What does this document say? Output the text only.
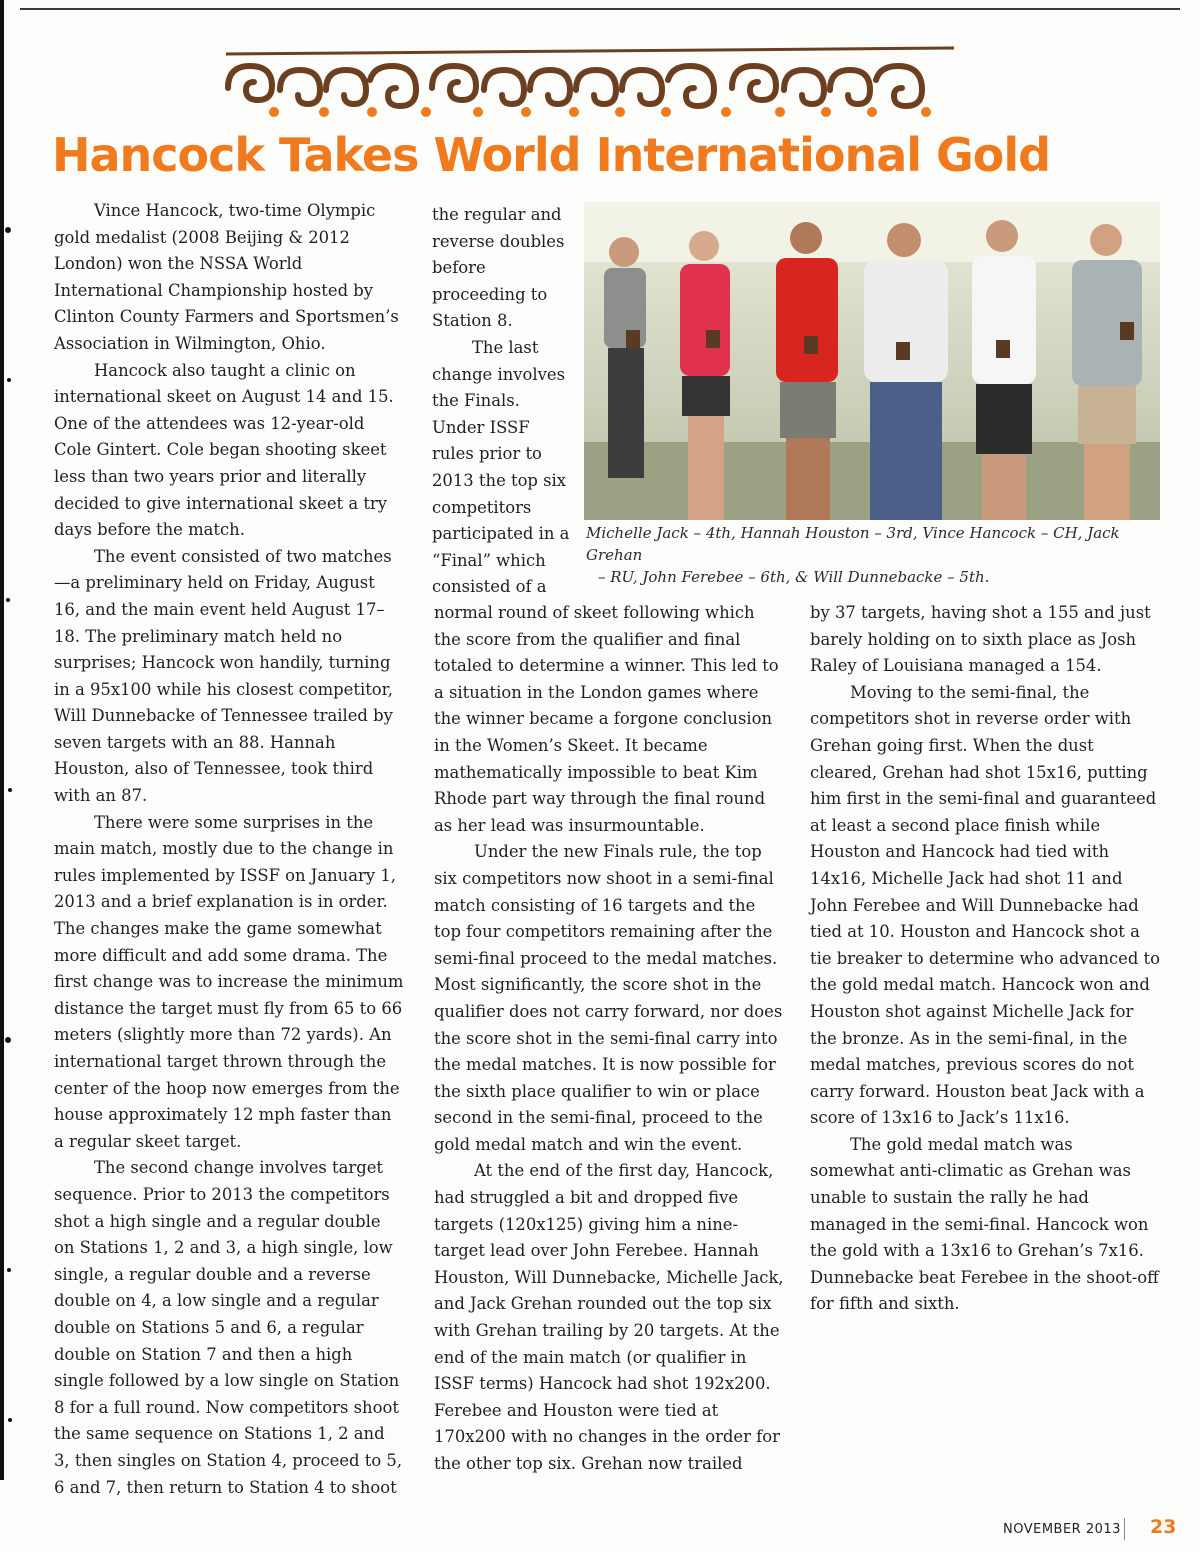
Hancock Takes World International Gold

Vince Hancock, two-time Olympic gold medalist (2008 Beijing & 2012 London) won the NSSA World International Championship hosted by Clinton County Farmers and Sportsmen’s Association in Wilmington, Ohio.

Hancock also taught a clinic on international skeet on August 14 and 15. One of the attendees was 12-year-old Cole Gintert. Cole began shooting skeet less than two years prior and literally decided to give international skeet a try days before the match.

The event consisted of two matches—a preliminary held on Friday, August 16, and the main event held August 17–18. The preliminary match held no surprises; Hancock won handily, turning in a 95x100 while his closest competitor, Will Dunnebacke of Tennessee trailed by seven targets with an 88. Hannah Houston, also of Tennessee, took third with an 87.

There were some surprises in the main match, mostly due to the change in rules implemented by ISSF on January 1, 2013 and a brief explanation is in order. The changes make the game somewhat more difficult and add some drama. The first change was to increase the minimum distance the target must fly from 65 to 66 meters (slightly more than 72 yards). An international target thrown through the center of the hoop now emerges from the house approximately 12 mph faster than a regular skeet target.

The second change involves target sequence. Prior to 2013 the competitors shot a high single and a regular double on Stations 1, 2 and 3, a high single, low single, a regular double and a reverse double on 4, a low single and a regular double on Stations 5 and 6, a regular double on Station 7 and then a high single followed by a low single on Station 8 for a full round. Now competitors shoot the same sequence on Stations 1, 2 and 3, then singles on Station 4, proceed to 5, 6 and 7, then return to Station 4 to shoot

the regular and reverse doubles before proceeding to Station 8.

The last change involves the Finals. Under ISSF rules prior to 2013 the top six competitors participated in a “Final” which consisted of a

Michelle Jack – 4th, Hannah Houston – 3rd, Vince Hancock – CH, Jack Grehan
– RU, John Ferebee – 6th, & Will Dunnebacke – 5th.

normal round of skeet following which the score from the qualifier and final totaled to determine a winner. This led to a situation in the London games where the winner became a forgone conclusion in the Women’s Skeet. It became mathematically impossible to beat Kim Rhode part way through the final round as her lead was insurmountable.

Under the new Finals rule, the top six competitors now shoot in a semi-final match consisting of 16 targets and the top four competitors remaining after the semi-final proceed to the medal matches. Most significantly, the score shot in the qualifier does not carry forward, nor does the score shot in the semi-final carry into the medal matches. It is now possible for the sixth place qualifier to win or place second in the semi-final, proceed to the gold medal match and win the event.

At the end of the first day, Hancock, had struggled a bit and dropped five targets (120x125) giving him a nine-target lead over John Ferebee. Hannah Houston, Will Dunnebacke, Michelle Jack, and Jack Grehan rounded out the top six with Grehan trailing by 20 targets. At the end of the main match (or qualifier in ISSF terms) Hancock had shot 192x200. Ferebee and Houston were tied at 170x200 with no changes in the order for the other top six. Grehan now trailed

by 37 targets, having shot a 155 and just barely holding on to sixth place as Josh Raley of Louisiana managed a 154.

Moving to the semi-final, the competitors shot in reverse order with Grehan going first. When the dust cleared, Grehan had shot 15x16, putting him first in the semi-final and guaranteed at least a second place finish while Houston and Hancock had tied with 14x16, Michelle Jack had shot 11 and John Ferebee and Will Dunnebacke had tied at 10. Houston and Hancock shot a tie breaker to determine who advanced to the gold medal match. Hancock won and Houston shot against Michelle Jack for the bronze. As in the semi-final, in the medal matches, previous scores do not carry forward. Houston beat Jack with a score of 13x16 to Jack’s 11x16.

The gold medal match was somewhat anti-climatic as Grehan was unable to sustain the rally he had managed in the semi-final. Hancock won the gold with a 13x16 to Grehan’s 7x16. Dunnebacke beat Ferebee in the shoot-off for fifth and sixth.

NOVEMBER 2013 23
